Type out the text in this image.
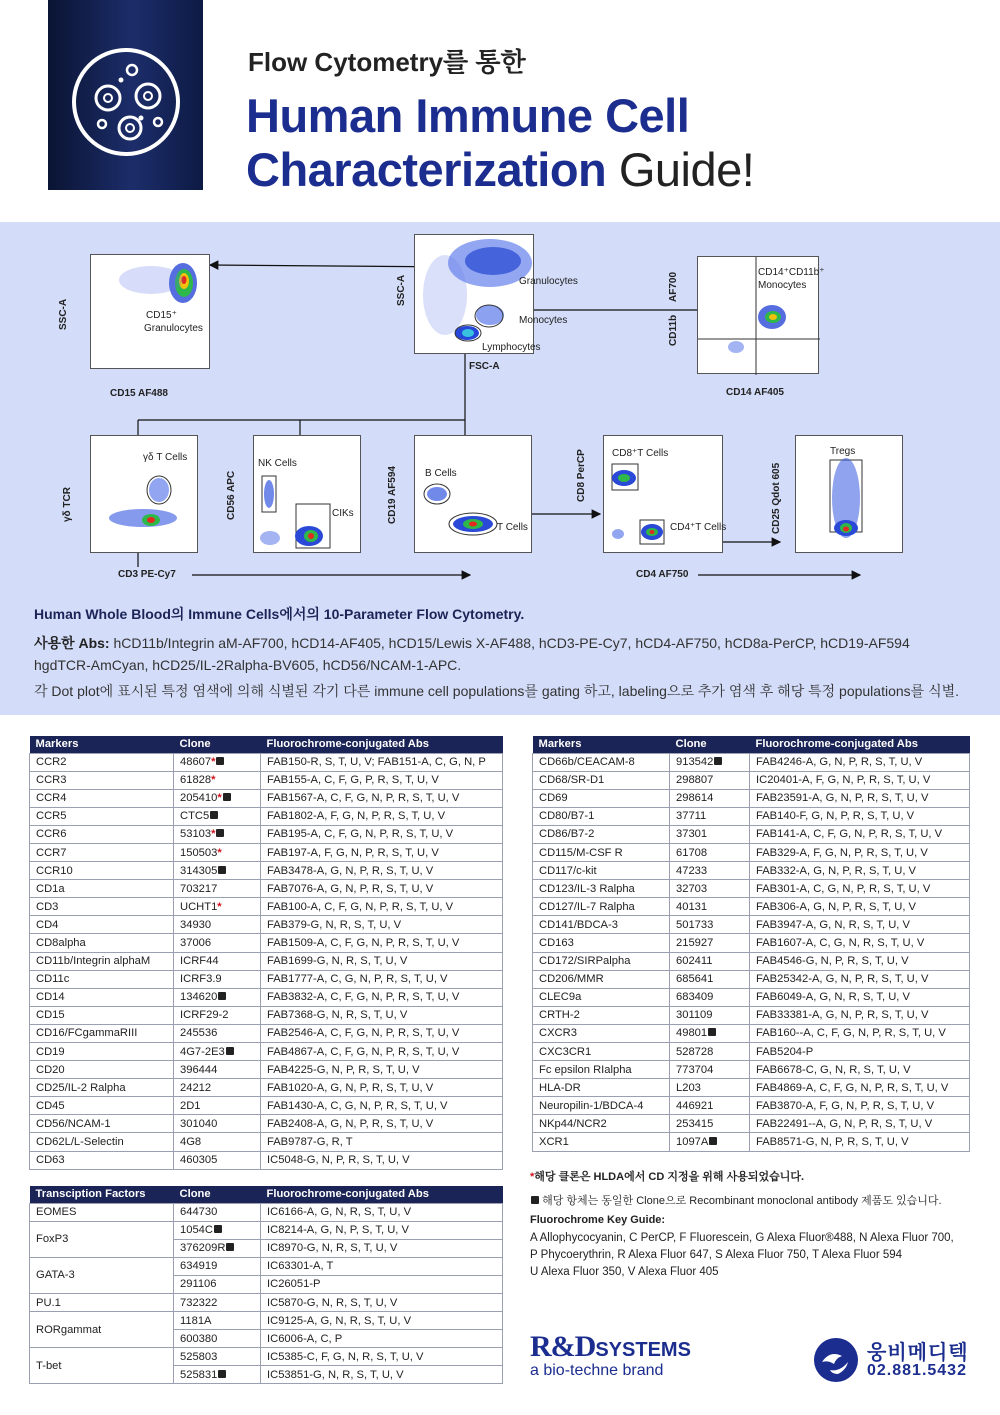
Flow Cytometry를 통한
Human Immune Cell
Characterization Guide!
CD15⁺
Granulocytes
CD15 AF488
SSC-A
Granulocytes
Monocytes
Lymphocytes
FSC-A
SSC-A
CD14⁺CD11b⁺
Monocytes
CD14 AF405
CD11b
AF700
γδ T Cells
γδ TCR
NK Cells
CIKs
CD56 APC	B Cells
T Cells
CD19 AF594
CD8⁺T Cells
CD4⁺T Cells
CD8 PerCP	Tregs
CD25 Qdot 605
CD3 PE-Cy7	CD4 AF750
Human Whole Blood의 Immune Cells에서의 10-Parameter Flow Cytometry.
사용한 Abs: hCD11b/Integrin aM-AF700, hCD14-AF405, hCD15/Lewis X-AF488, hCD3-PE-Cy7, hCD4-AF750, hCD8a-PerCP, hCD19-AF594
hgdTCR-AmCyan, hCD25/IL-2Ralpha-BV605, hCD56/NCAM-1-APC.
각 Dot plot에 표시된 특정 염색에 의해 식별된 각기 다른 immune cell populations를 gating 하고, labeling으로 추가 염색 후 해당 특정 populations를 식별.
Markers	Clone	Fluorochrome-conjugated Abs
CCR2	48607*	FAB150-R, S, T, U, V; FAB151-A, C, G, N, P
CCR3	61828*	FAB155-A, C, F, G, P, R, S, T, U, V
CCR4	205410*	FAB1567-A, C, F, G, N, P, R, S, T, U, V
CCR5	CTC5	FAB1802-A, F, G, N, P, R, S, T, U, V
CCR6	53103*	FAB195-A, C, F, G, N, P, R, S, T, U, V
CCR7	150503*	FAB197-A, F, G, N, P, R, S, T, U, V
CCR10	314305	FAB3478-A, G, N, P, R, S, T, U, V
CD1a	703217	FAB7076-A, G, N, P, R, S, T, U, V
CD3	UCHT1*	FAB100-A, C, F, G, N, P, R, S, T, U, V
CD4	34930	FAB379-G, N, R, S, T, U, V
CD8alpha	37006	FAB1509-A, C, F, G, N, P, R, S, T, U, V
CD11b/Integrin alphaM	ICRF44	FAB1699-G, N, R, S, T, U, V
CD11c	ICRF3.9	FAB1777-A, C, G, N, P, R, S, T, U, V
CD14	134620	FAB3832-A, C, F, G, N, P, R, S, T, U, V
CD15	ICRF29-2	FAB7368-G, N, R, S, T, U, V
CD16/FCgammaRIII	245536	FAB2546-A, C, F, G, N, P, R, S, T, U, V
CD19	4G7-2E3	FAB4867-A, C, F, G, N, P, R, S, T, U, V
CD20	396444	FAB4225-G, N, P, R, S, T, U, V
CD25/IL-2 Ralpha	24212	FAB1020-A, G, N, P, R, S, T, U, V
CD45	2D1	FAB1430-A, C, G, N, P, R, S, T, U, V
CD56/NCAM-1	301040	FAB2408-A, G, N, P, R, S, T, U, V
CD62L/L-Selectin	4G8	FAB9787-G, R, T
CD63	460305	IC5048-G, N, P, R, S, T, U, V
Transciption Factors	Clone	Fluorochrome-conjugated Abs
EOMES	644730	IC6166-A, G, N, R, S, T, U, V
FoxP3	1054C	IC8214-A, G, N, P, S, T, U, V
	376209R	IC8970-G, N, R, S, T, U, V
GATA-3	634919	IC63301-A, T
	291106	IC26051-P
PU.1	732322	IC5870-G, N, R, S, T, U, V
RORgammat	1181A	IC9125-A, G, N, R, S, T, U, V
	600380	IC6006-A, C, P
T-bet	525803	IC5385-C, F, G, N, R, S, T, U, V
	525831	IC53851-G, N, R, S, T, U, V
Markers	Clone	Fluorochrome-conjugated Abs
CD66b/CEACAM-8	913542	FAB4246-A, G, N, P, R, S, T, U, V
CD68/SR-D1	298807	IC20401-A, F, G, N, P, R, S, T, U, V
CD69	298614	FAB23591-A, G, N, P, R, S, T, U, V
CD80/B7-1	37711	FAB140-F, G, N, P, R, S, T, U, V
CD86/B7-2	37301	FAB141-A, C, F, G, N, P, R, S, T, U, V
CD115/M-CSF R	61708	FAB329-A, F, G, N, P, R, S, T, U, V
CD117/c-kit	47233	FAB332-A, G, N, P, R, S, T, U, V
CD123/IL-3 Ralpha	32703	FAB301-A, C, G, N, P, R, S, T, U, V
CD127/IL-7 Ralpha	40131	FAB306-A, G, N, P, R, S, T, U, V
CD141/BDCA-3	501733	FAB3947-A, G, N, R, S, T, U, V
CD163	215927	FAB1607-A, C, G, N, R, S, T, U, V
CD172/SIRPalpha	602411	FAB4546-G, N, P, R, S, T, U, V
CD206/MMR	685641	FAB25342-A, G, N, P, R, S, T, U, V
CLEC9a	683409	FAB6049-A, G, N, R, S, T, U, V
CRTH-2	301109	FAB33381-A, G, N, P, R, S, T, U, V
CXCR3	49801	FAB160--A, C, F, G, N, P, R, S, T, U, V
CXC3CR1	528728	FAB5204-P
Fc epsilon RIalpha	773704	FAB6678-C, G, N, R, S, T, U, V
HLA-DR	L203	FAB4869-A, C, F, G, N, P, R, S, T, U, V
Neuropilin-1/BDCA-4	446921	FAB3870-A, F, G, N, P, R, S, T, U, V
NKp44/NCR2	253415	FAB22491--A, G, N, P, R, S, T, U, V
XCR1	1097A	FAB8571-G, N, P, R, S, T, U, V
*해당 클론은 HLDA에서 CD 지정을 위해 사용되었습니다.
해당 항체는 동일한 Clone으로 Recombinant monoclonal antibody 제품도 있습니다.
Fluorochrome Key Guide:
A Allophycocyanin, C PerCP, F Fluorescein, G Alexa Fluor®488, N Alexa Fluor 700,
P Phycoerythrin, R Alexa Fluor 647, S Alexa Fluor 750, T Alexa Fluor 594
U Alexa Fluor 350, V Alexa Fluor 405
R&DSYSTEMS
a bio-techne brand
웅비메디텍
02.881.5432
